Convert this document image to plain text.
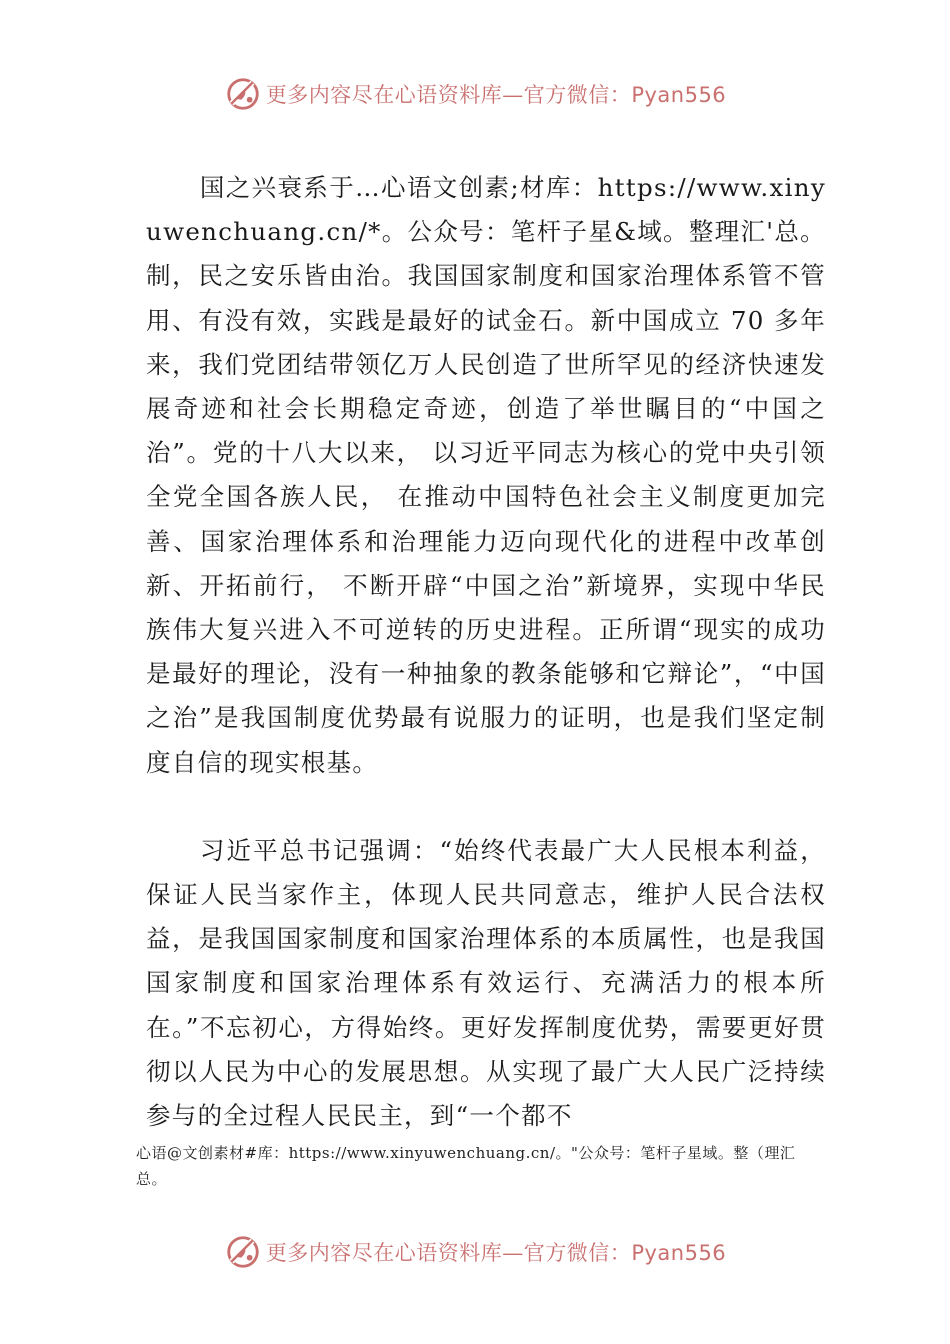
更多内容尽在心语资料库—官方微信：Pyan556

国之兴衰系于…心语文创素;材库：https://www.xinyuwenchuang.cn/*。公众号：笔杆子星&域。整理汇'总。制，民之安乐皆由治。我国国家制度和国家治理体系管不管用、有没有效，实践是最好的试金石。新中国成立 70 多年来，我们党团结带领亿万人民创造了世所罕见的经济快速发展奇迹和社会长期稳定奇迹，创造了举世瞩目的“中国之治”。党的十八大以来， 以习近平同志为核心的党中央引领全党全国各族人民， 在推动中国特色社会主义制度更加完善、国家治理体系和治理能力迈向现代化的进程中改革创新、开拓前行， 不断开辟“中国之治”新境界，实现中华民族伟大复兴进入不可逆转的历史进程。正所谓“现实的成功是最好的理论，没有一种抽象的教条能够和它辩论”，“中国之治”是我国制度优势最有说服力的证明，也是我们坚定制度自信的现实根基。

习近平总书记强调：“始终代表最广大人民根本利益，保证人民当家作主，体现人民共同意志，维护人民合法权益，是我国国家制度和国家治理体系的本质属性，也是我国国家制度和国家治理体系有效运行、充满活力的根本所在。”不忘初心，方得始终。更好发挥制度优势，需要更好贯彻以人民为中心的发展思想。从实现了最广大人民广泛持续参与的全过程人民民主，到“一个都不

心语@文创素材#库：https://www.xinyuwenchuang.cn/。"公众号：笔杆子星域。整（理汇总。
更多内容尽在心语资料库—官方微信：Pyan556
